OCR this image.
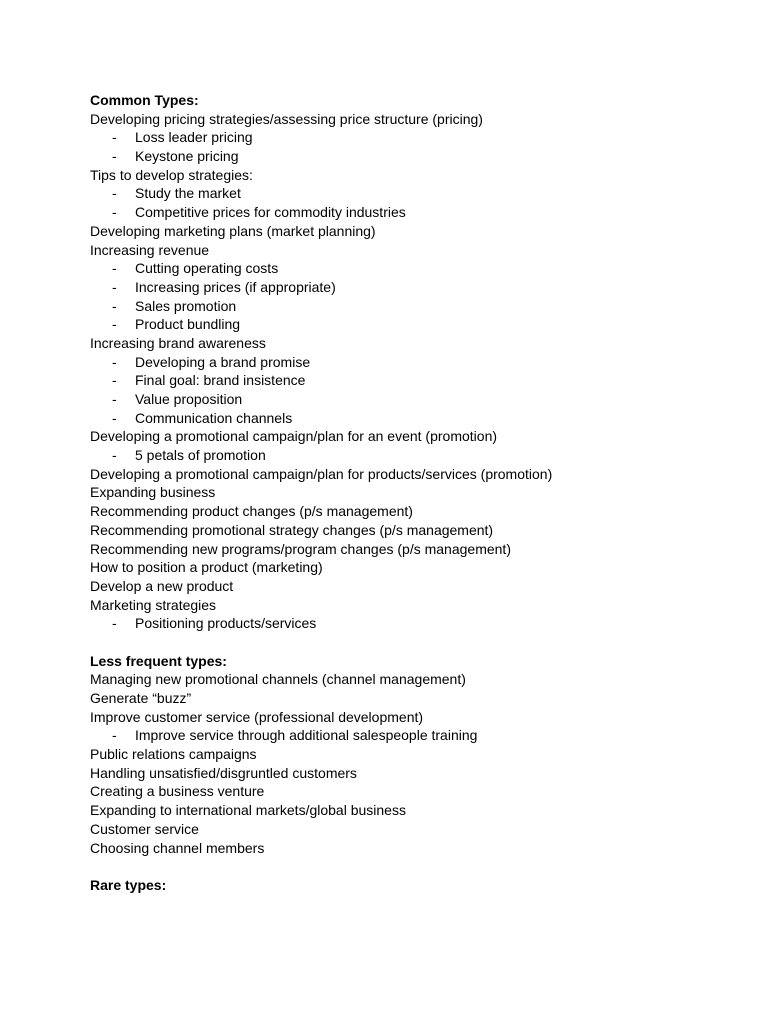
Common Types:
Developing pricing strategies/assessing price structure (pricing)
- Loss leader pricing
- Keystone pricing
Tips to develop strategies:
- Study the market
- Competitive prices for commodity industries
Developing marketing plans (market planning)
Increasing revenue
- Cutting operating costs
- Increasing prices (if appropriate)
- Sales promotion
- Product bundling
Increasing brand awareness
- Developing a brand promise
- Final goal: brand insistence
- Value proposition
- Communication channels
Developing a promotional campaign/plan for an event (promotion)
- 5 petals of promotion
Developing a promotional campaign/plan for products/services (promotion)
Expanding business
Recommending product changes (p/s management)
Recommending promotional strategy changes (p/s management)
Recommending new programs/program changes (p/s management)
How to position a product (marketing)
Develop a new product
Marketing strategies
- Positioning products/services
Less frequent types:
Managing new promotional channels (channel management)
Generate “buzz”
Improve customer service (professional development)
- Improve service through additional salespeople training
Public relations campaigns
Handling unsatisfied/disgruntled customers
Creating a business venture
Expanding to international markets/global business
Customer service
Choosing channel members
Rare types:
